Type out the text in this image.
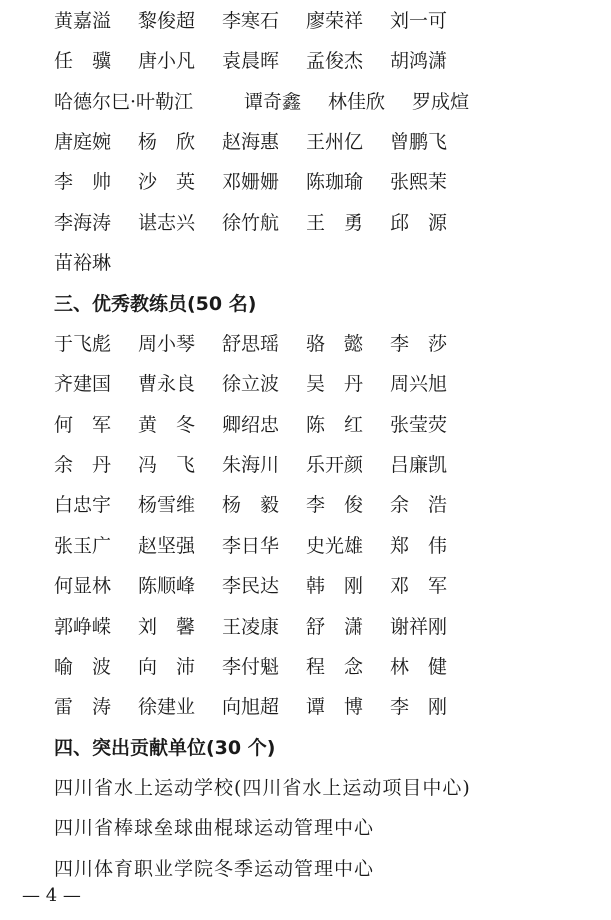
黄嘉溢	黎俊超	李寒石	廖荣祥	刘一可
任　骥	唐小凡	袁晨晖	孟俊杰	胡鸿潇
哈德尔巳·叶勒江	谭奇鑫	林佳欣	罗成煊
唐庭婉	杨　欣	赵海惠	王州亿	曾鹏飞
李　帅	沙　英	邓姗姗	陈珈瑜	张熙茉
李海涛	谌志兴	徐竹航	王　勇	邱　源
苗裕琳
三、优秀教练员(50 名)
于飞彪	周小琴	舒思瑶	骆　懿	李　莎
齐建国	曹永良	徐立波	吴　丹	周兴旭
何　军	黄　冬	卿绍忠	陈　红	张莹荧
余　丹	冯　飞	朱海川	乐开颜	吕廉凯
白忠宇	杨雪维	杨　毅	李　俊	余　浩
张玉广	赵坚强	李日华	史光雄	郑　伟
何显林	陈顺峰	李民达	韩　刚	邓　军
郭峥嵘	刘　馨	王凌康	舒　潇	谢祥刚
喻　波	向　沛	李付魁	程　念	林　健
雷　涛	徐建业	向旭超	谭　博	李　刚
四、突出贡献单位(30 个)
四川省水上运动学校(四川省水上运动项目中心)
四川省棒球垒球曲棍球运动管理中心
四川体育职业学院冬季运动管理中心
— 4 —
